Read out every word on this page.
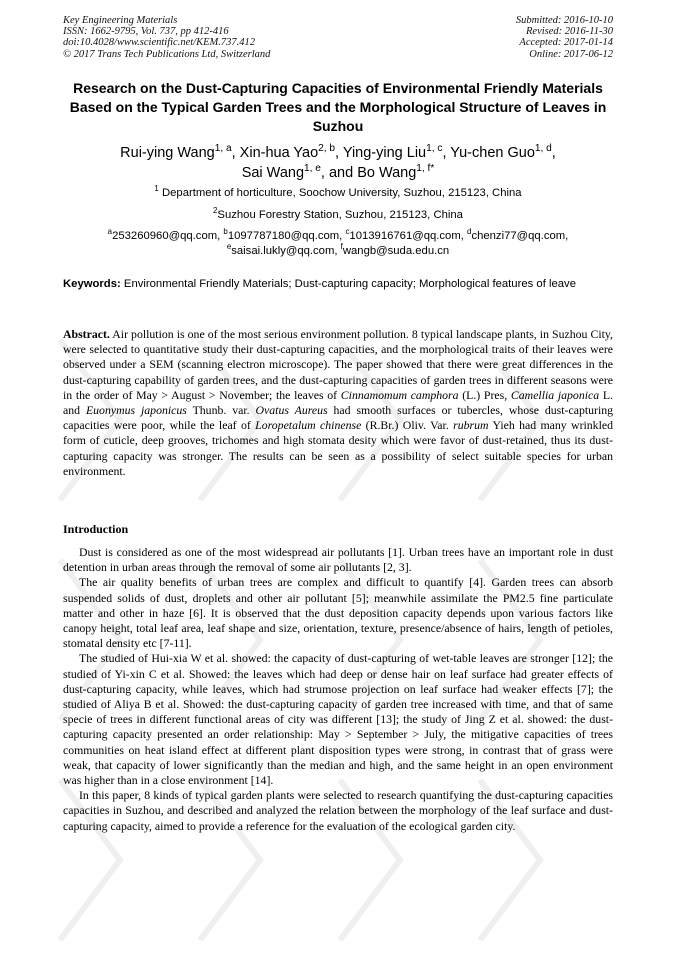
Key Engineering Materials
ISSN: 1662-9795, Vol. 737, pp 412-416
doi:10.4028/www.scientific.net/KEM.737.412
© 2017 Trans Tech Publications Ltd, Switzerland
Submitted: 2016-10-10
Revised: 2016-11-30
Accepted: 2017-01-14
Online: 2017-06-12
Research on the Dust-Capturing Capacities of Environmental Friendly Materials Based on the Typical Garden Trees and the Morphological Structure of Leaves in Suzhou
Rui-ying Wang$^{1, a}$, Xin-hua Yao$^{2, b}$, Ying-ying Liu$^{1, c}$, Yu-chen Guo$^{1, d}$,
Sai Wang$^{1, e}$, and Bo Wang$^{1, f*}$
$^1$ Department of horticulture, Soochow University, Suzhou, 215123, China
$^2$Suzhou Forestry Station, Suzhou, 215123, China
$^a$253260960@qq.com, $^b$1097787180@qq.com, $^c$1013916761@qq.com, $^d$chenzi77@qq.com,
$^e$saisai.lukly@qq.com, $^f$wangb@suda.edu.cn
Keywords: Environmental Friendly Materials; Dust-capturing capacity; Morphological features of leave
Abstract. Air pollution is one of the most serious environment pollution. 8 typical landscape plants, in Suzhou City, were selected to quantitative study their dust-capturing capacities, and the morphological traits of their leaves were observed under a SEM (scanning electron microscope). The paper showed that there were great differences in the dust-capturing capability of garden trees, and the dust-capturing capacities of garden trees in different seasons were in the order of May > August > November; the leaves of Cinnamomum camphora (L.) Pres, Camellia japonica L. and Euonymus japonicus Thunb. var. Ovatus Aureus had smooth surfaces or tubercles, whose dust-capturing capacities were poor, while the leaf of Loropetalum chinense (R.Br.) Oliv. Var. rubrum Yieh had many wrinkled form of cuticle, deep grooves, trichomes and high stomata desity which were favor of dust-retained, thus its dust- capturing capacity was stronger. The results can be seen as a possibility of select suitable species for urban environment.
Introduction

Dust is considered as one of the most widespread air pollutants [1]. Urban trees have an important role in dust detention in urban areas through the removal of some air pollutants [2, 3].

The air quality benefits of urban trees are complex and difficult to quantify [4]. Garden trees can absorb suspended solids of dust, droplets and other air pollutant [5]; meanwhile assimilate the PM2.5 fine particulate matter and other in haze [6]. It is observed that the dust deposition capacity depends upon various factors like canopy height, total leaf area, leaf shape and size, orientation, texture, presence/absence of hairs, length of petioles, stomatal density etc [7-11].

The studied of Hui-xia W et al. showed: the capacity of dust-capturing of wet-table leaves are stronger [12]; the studied of Yi-xin C et al. Showed: the leaves which had deep or dense hair on leaf surface had greater effects of dust-capturing capacity, while leaves, which had strumose projection on leaf surface had weaker effects [7]; the studied of Aliya B et al. Showed: the dust-capturing capacity of garden tree increased with time, and that of same specie of trees in different functional areas of city was different [13]; the study of Jing Z et al. showed: the dust-capturing capacity presented an order relationship: May > September > July, the mitigative capacities of trees communities on heat island effect at different plant disposition types were strong, in contrast that of grass were weak, that capacity of lower significantly than the median and high, and the same height in an open environment was higher than in a close environment [14].

In this paper, 8 kinds of typical garden plants were selected to research quantifying the dust-capturing capacities capacities in Suzhou, and described and analyzed the relation between the morphology of the leaf surface and dust-capturing capacity, aimed to provide a reference for the evaluation of the ecological garden city.
